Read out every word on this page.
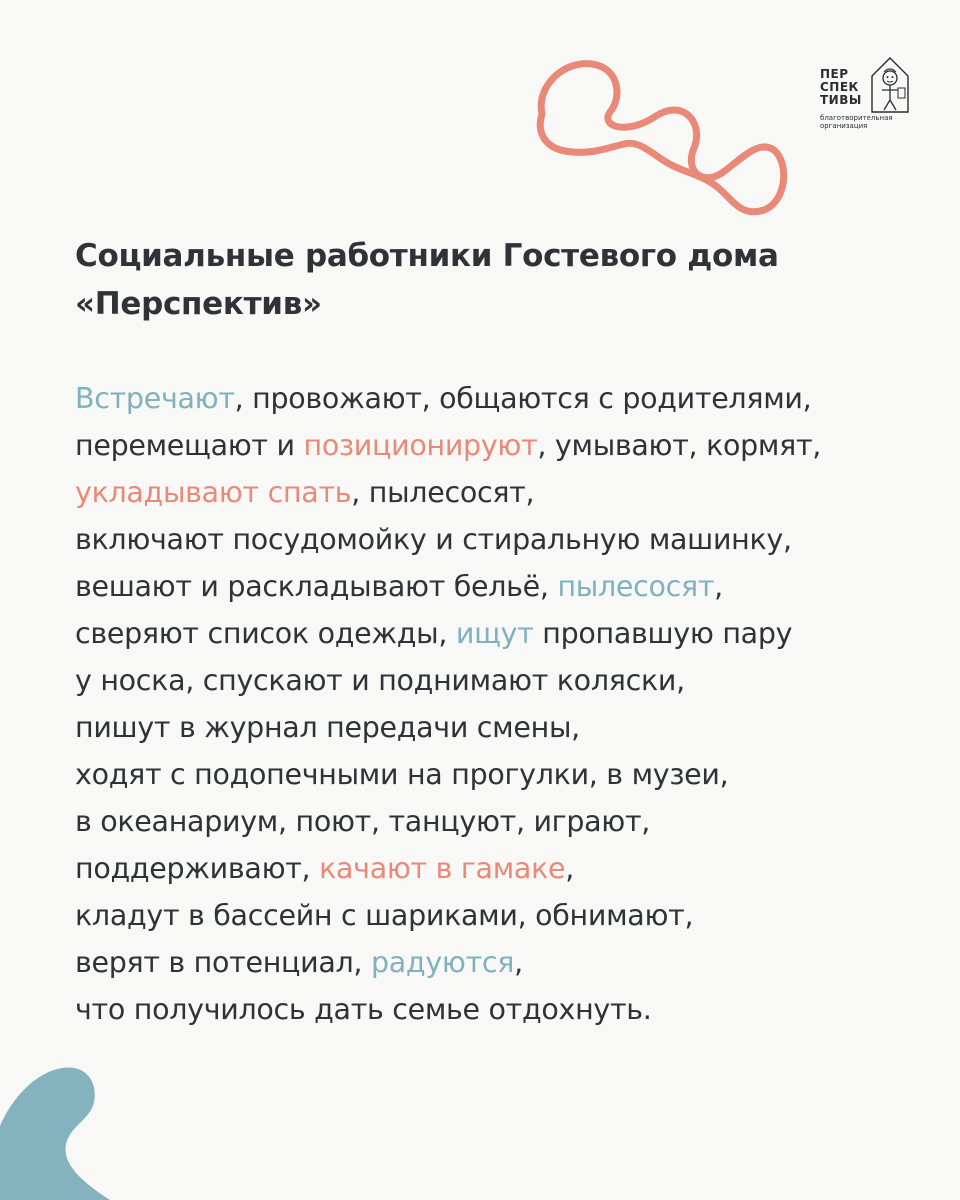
ПЕР
СПЕК
ТИВЫ
благотворительная
организация
Социальные работники Гостевого дома
«Перспектив»
Встречают, провожают, общаются с родителями,
перемещают и позиционируют, умывают, кормят,
укладывают спать, пылесосят,
включают посудомойку и стиральную машинку,
вешают и раскладывают бельё, пылесосят,
сверяют список одежды, ищут пропавшую пару
у носка, спускают и поднимают коляски,
пишут в журнал передачи смены,
ходят с подопечными на прогулки, в музеи,
в океанариум, поют, танцуют, играют,
поддерживают, качают в гамаке,
кладут в бассейн с шариками, обнимают,
верят в потенциал, радуются,
что получилось дать семье отдохнуть.
